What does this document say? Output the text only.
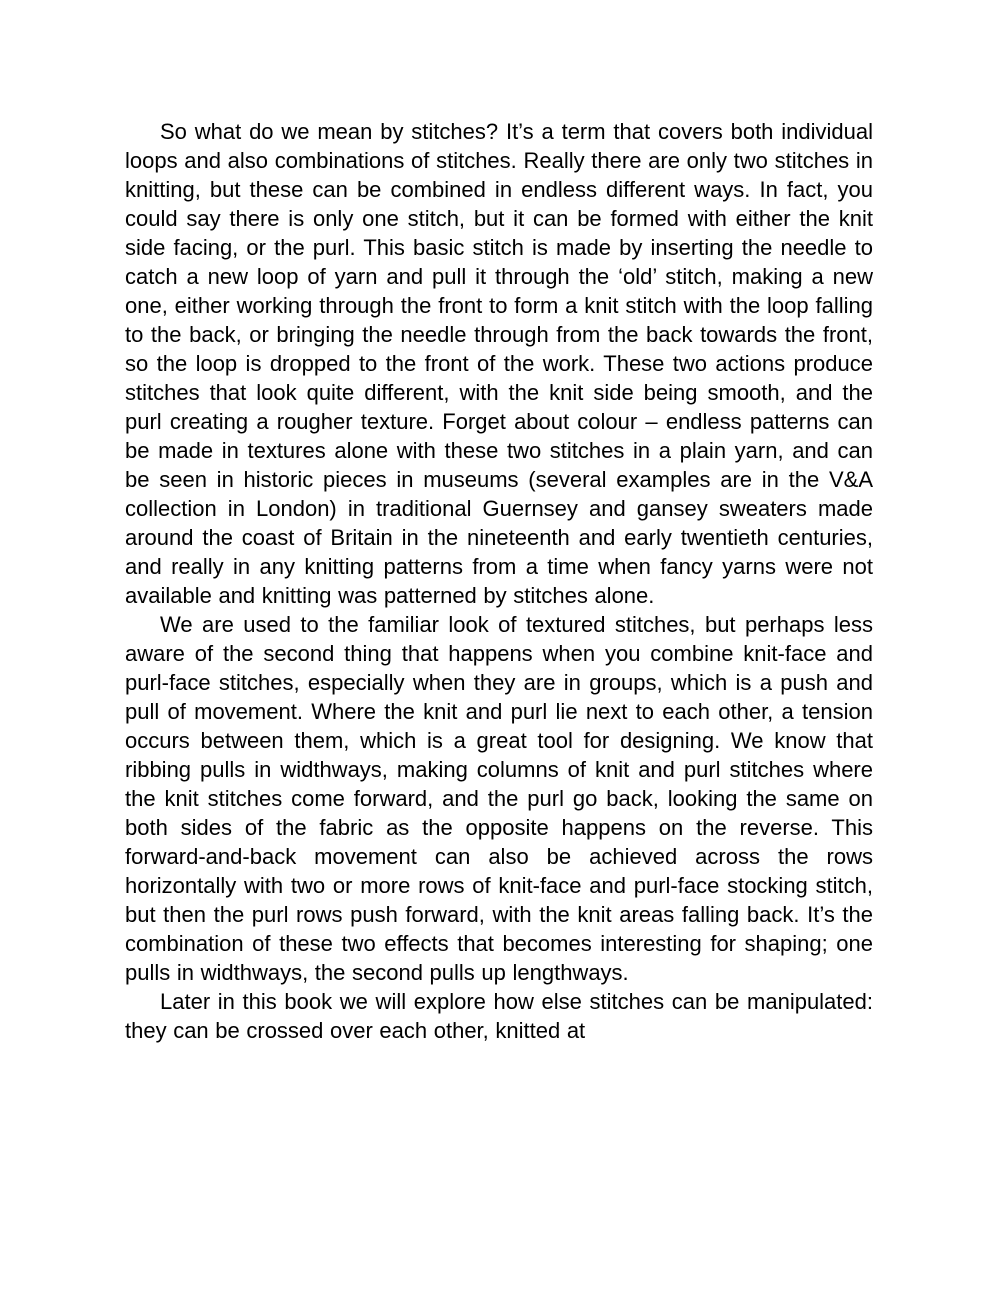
So what do we mean by stitches? It’s a term that covers both individual loops and also combinations of stitches. Really there are only two stitches in knitting, but these can be combined in endless different ways. In fact, you could say there is only one stitch, but it can be formed with either the knit side facing, or the purl. This basic stitch is made by inserting the needle to catch a new loop of yarn and pull it through the ‘old’ stitch, making a new one, either working through the front to form a knit stitch with the loop falling to the back, or bringing the needle through from the back towards the front, so the loop is dropped to the front of the work. These two actions produce stitches that look quite different, with the knit side being smooth, and the purl creating a rougher texture. Forget about colour – endless patterns can be made in textures alone with these two stitches in a plain yarn, and can be seen in historic pieces in museums (several examples are in the V&A collection in London) in traditional Guernsey and gansey sweaters made around the coast of Britain in the nineteenth and early twentieth centuries, and really in any knitting patterns from a time when fancy yarns were not available and knitting was patterned by stitches alone.

We are used to the familiar look of textured stitches, but perhaps less aware of the second thing that happens when you combine knit-face and purl-face stitches, especially when they are in groups, which is a push and pull of movement. Where the knit and purl lie next to each other, a tension occurs between them, which is a great tool for designing. We know that ribbing pulls in widthways, making columns of knit and purl stitches where the knit stitches come forward, and the purl go back, looking the same on both sides of the fabric as the opposite happens on the reverse. This forward-and-back movement can also be achieved across the rows horizontally with two or more rows of knit-face and purl-face stocking stitch, but then the purl rows push forward, with the knit areas falling back. It’s the combination of these two effects that becomes interesting for shaping; one pulls in widthways, the second pulls up lengthways.

Later in this book we will explore how else stitches can be manipulated: they can be crossed over each other, knitted at
